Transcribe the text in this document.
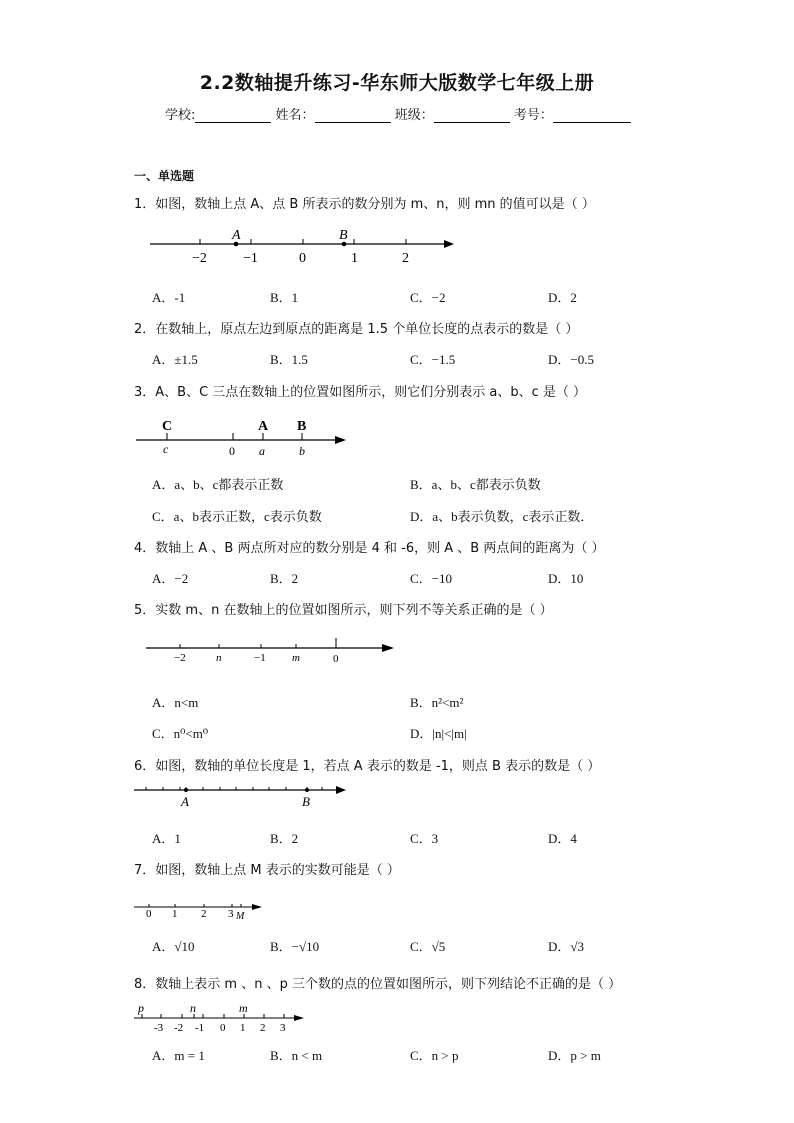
2.2数轴提升练习-华东师大版数学七年级上册
学校:	姓名：	班级：	考号：
一、单选题
1．如图，数轴上点 A、点 B 所表示的数分别为 m、n，则 mn 的值可以是（ ）
A	B
−2	−1	0	1	2
A．-1	B．1	C．−2	D．2
2．在数轴上，原点左边到原点的距离是 1.5 个单位长度的点表示的数是（ ）
A．±1.5	B．1.5	C．−1.5	D．−0.5
3．A、B、C 三点在数轴上的位置如图所示，则它们分别表示 a、b、c 是（ ）
C	A B
c	0 a	b
A．a、b、c都表示正数	B．a、b、c都表示负数
C．a、b表示正数，c表示负数	D．a、b表示负数，c表示正数．
4．数轴上 A 、B 两点所对应的数分别是 4 和 -6，则 A 、B 两点间的距离为（ ）
A．−2	B．2	C．−10	D．10
5．实数 m、n 在数轴上的位置如图所示，则下列不等关系正确的是（ ）
−2	n	−1 m	0
A．n<m	B．n²<m²
C．n⁰<m⁰	D．|n|<|m|
6．如图，数轴的单位长度是 1，若点 A 表示的数是 -1，则点 B 表示的数是（ ）
A	B
A．1	B．2	C．3	D．4
7．如图，数轴上点 M 表示的实数可能是（ ）
0 1 2 3 M
A．√10	B．−√10	C．√5	D．√3
8．数轴上表示 m 、n 、p 三个数的点的位置如图所示，则下列结论不正确的是（ ）
p	n	m
-3 -2 -1 0 1 2 3
A．m = 1	B．n < m	C．n > p	D．p > m
